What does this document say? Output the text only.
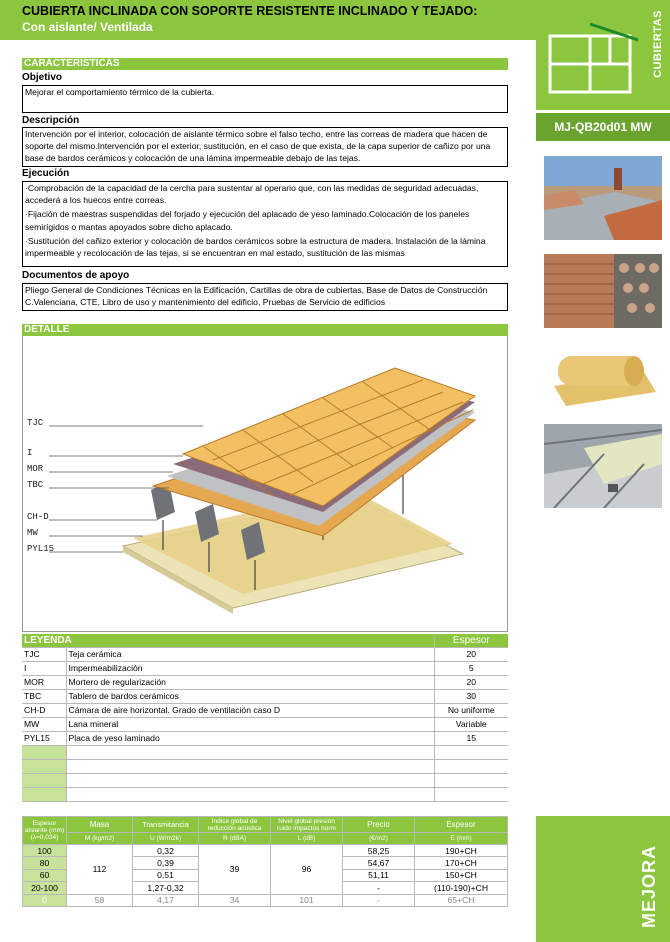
CUBIERTA INCLINADA CON SOPORTE RESISTENTE INCLINADO Y TEJADO:
Con aislante/ Ventilada	CUBIERTAS
MJ-QB20d01 MW
MEJORA
CARACTERÍSTICAS
Objetivo
Mejorar el comportamiento térmico de la cubierta.
Descripción
Intervención por el interior, colocación de aislante térmico sobre el falso techo, entre las correas de madera que hacen de soporte del mismo.Intervención por el exterior, sustitución, en el caso de que exista, de la capa superior de cañizo por una base de bardos cerámicos y colocación de una lámina impermeable debajo de las tejas.
Ejecución
·Comprobación de la capacidad de la cercha para sustentar al operario que, con las medidas de seguridad adecuadas, accederá a los huecos entre correas.
·Fijación de maestras suspendidas del forjado y ejecución del aplacado de yeso laminado.Colocación de los paneles semirígidos o mantas apoyados sobre dicho aplacado.
·Sustitución del cañizo exterior y colocación de bardos cerámicos sobre la estructura de madera. Instalación de la lámina impermeable y recolocación de las tejas, si se encuentran en mal estado, sustitución de las mismas
Documentos de apoyo
Pliego General de Condiciones Técnicas en la Edificación, Cartillas de obra de cubiertas, Base de Datos de Construcción C.Valenciana, CTE, Libro de uso y mantenimiento del edificio, Pruebas de Servicio de edificios
DETALLE
TJC
I
MOR
TBC
CH-D
MW
PYL15
LEYENDA		Espesor
TJC	Teja cerámica	20
I	Impermeabilización	5
MOR	Mortero de regularización	20
TBC	Tablero de bardos cerámicos	30
CH-D	Cámara de aire horizontal. Grado de ventilación caso D	No uniforme
MW	Lana mineral	Variable
PYL15	Placa de yeso laminado	15

Espesor aislante (mm) (λ=0,034)	Masa	Transmitancia	Índice global de reducción acústica	Nivel global presión ruido impactos norm	Precio	Espesor
	M (kg/m2)	U (W/m2k)	R (dBA)	L (dB)	(€/m2)	E (mm)
100	112	0,32	39	96	58,25	190+CH
80		0,39			54,67	170+CH
60		0,51			51,11	150+CH
20-100		1,27-0,32			-	(110-190)+CH
0	58	4,17	34	101	-	65+CH
